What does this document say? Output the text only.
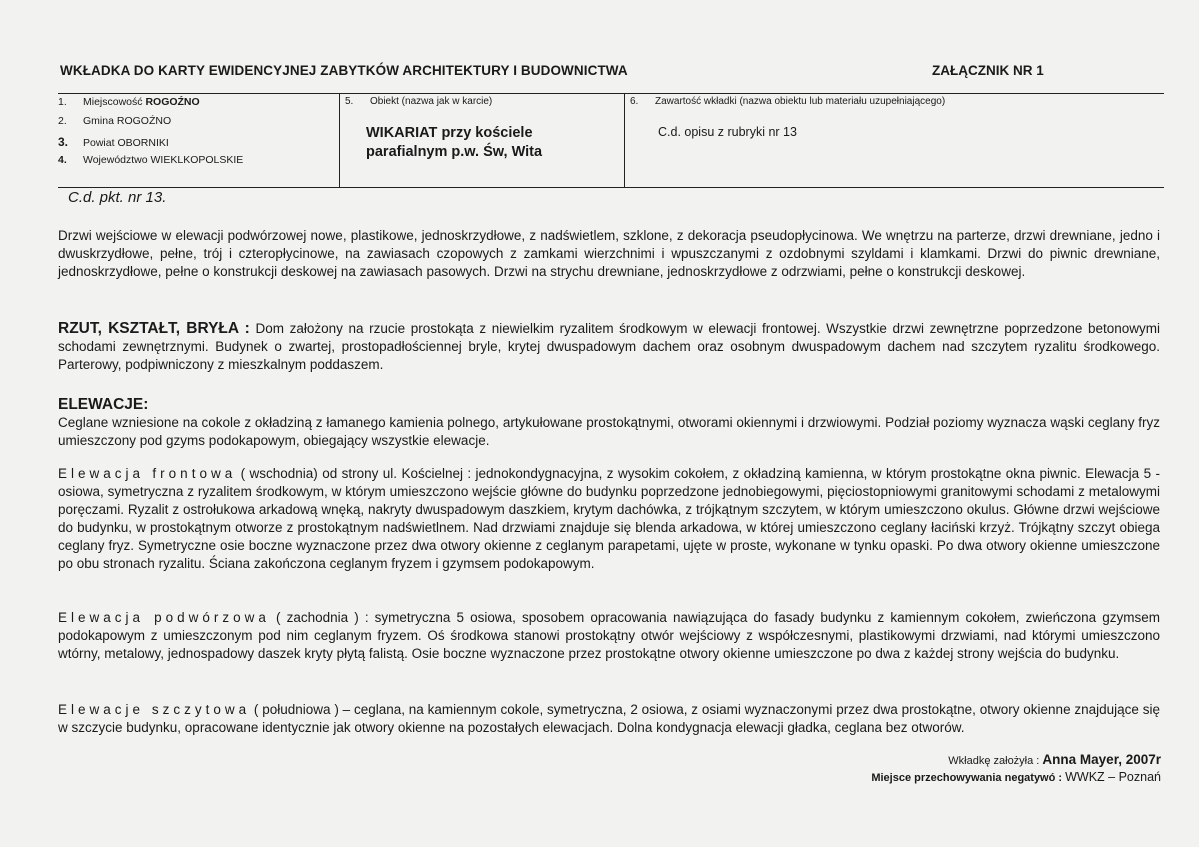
WKŁADKA DO KARTY EWIDENCYJNEJ ZABYTKÓW ARCHITEKTURY I BUDOWNICTWA	ZAŁĄCZNIK NR 1
1. Miejscowość ROGOŹNO
2. Gmina ROGOŹNO
3. Powiat OBORNIKI
4. Województwo WIEKLKOPOLSKIE
5. Obiekt (nazwa jak w karcie)
WIKARIAT przy kościele
parafialnym p.w. Św, Wita
6. Zawartość wkładki (nazwa obiektu lub materiału uzupełniającego)
C.d. opisu z rubryki nr 13
C.d. pkt. nr 13.
Drzwi wejściowe w elewacji podwórzowej nowe, plastikowe, jednoskrzydłowe, z nadświetlem, szklone, z dekoracja pseudopłycinowa. We wnętrzu na parterze, drzwi drewniane, jedno i dwuskrzydłowe, pełne, trój i czteropłycinowe, na zawiasach czopowych z zamkami wierzchnimi i wpuszczanymi z ozdobnymi szyldami i klamkami. Drzwi do piwnic drewniane, jednoskrzydłowe, pełne o konstrukcji deskowej na zawiasach pasowych. Drzwi na strychu drewniane, jednoskrzydłowe z odrzwiami, pełne o konstrukcji deskowej.
RZUT, KSZTAŁT, BRYŁA : Dom założony na rzucie prostokąta z niewielkim ryzalitem środkowym w elewacji frontowej. Wszystkie drzwi zewnętrzne poprzedzone betonowymi schodami zewnętrznymi. Budynek o zwartej, prostopadłościennej bryle, krytej dwuspadowym dachem oraz osobnym dwuspadowym dachem nad szczytem ryzalitu środkowego. Parterowy, podpiwniczony z mieszkalnym poddaszem.
ELEWACJE:
Ceglane wzniesione na cokole z okładziną z łamanego kamienia polnego, artykułowane prostokątnymi, otworami okiennymi i drzwiowymi. Podział poziomy wyznacza wąski ceglany fryz umieszczony pod gzyms podokapowym, obiegający wszystkie elewacje.
Elewacja frontowa ( wschodnia) od strony ul. Kościelnej : jednokondygnacyjna, z wysokim cokołem, z okładziną kamienna, w którym prostokątne okna piwnic. Elewacja 5 - osiowa, symetryczna z ryzalitem środkowym, w którym umieszczono wejście główne do budynku poprzedzone jednobiegowymi, pięciostopniowymi granitowymi schodami z metalowymi poręczami. Ryzalit z ostrołukowa arkadową wnęką, nakryty dwuspadowym daszkiem, krytym dachówka, z trójkątnym szczytem, w którym umieszczono okulus. Główne drzwi wejściowe do budynku, w prostokątnym otworze z prostokątnym nadświetlnem. Nad drzwiami znajduje się blenda arkadowa, w której umieszczono ceglany łaciński krzyż. Trójkątny szczyt obiega ceglany fryz. Symetryczne osie boczne wyznaczone przez dwa otwory okienne z ceglanym parapetami, ujęte w proste, wykonane w tynku opaski. Po dwa otwory okienne umieszczone po obu stronach ryzalitu. Ściana zakończona ceglanym fryzem i gzymsem podokapowym.
Elewacja podwórzowa ( zachodnia ) : symetryczna 5 osiowa, sposobem opracowania nawiązująca do fasady budynku z kamiennym cokołem, zwieńczona gzymsem podokapowym z umieszczonym pod nim ceglanym fryzem. Oś środkowa stanowi prostokątny otwór wejściowy z współczesnymi, plastikowymi drzwiami, nad którymi umieszczono wtórny, metalowy, jednospadowy daszek kryty płytą falistą. Osie boczne wyznaczone przez prostokątne otwory okienne umieszczone po dwa z każdej strony wejścia do budynku.
Elewacje szczytowa ( południowa ) – ceglana, na kamiennym cokole, symetryczna, 2 osiowa, z osiami wyznaczonymi przez dwa prostokątne, otwory okienne znajdujące się w szczycie budynku, opracowane identycznie jak otwory okienne na pozostałych elewacjach. Dolna kondygnacja elewacji gładka, ceglana bez otworów.
Wkładkę założyła : Anna Mayer, 2007r
Miejsce przechowywania negatywó : WWKZ – Poznań
